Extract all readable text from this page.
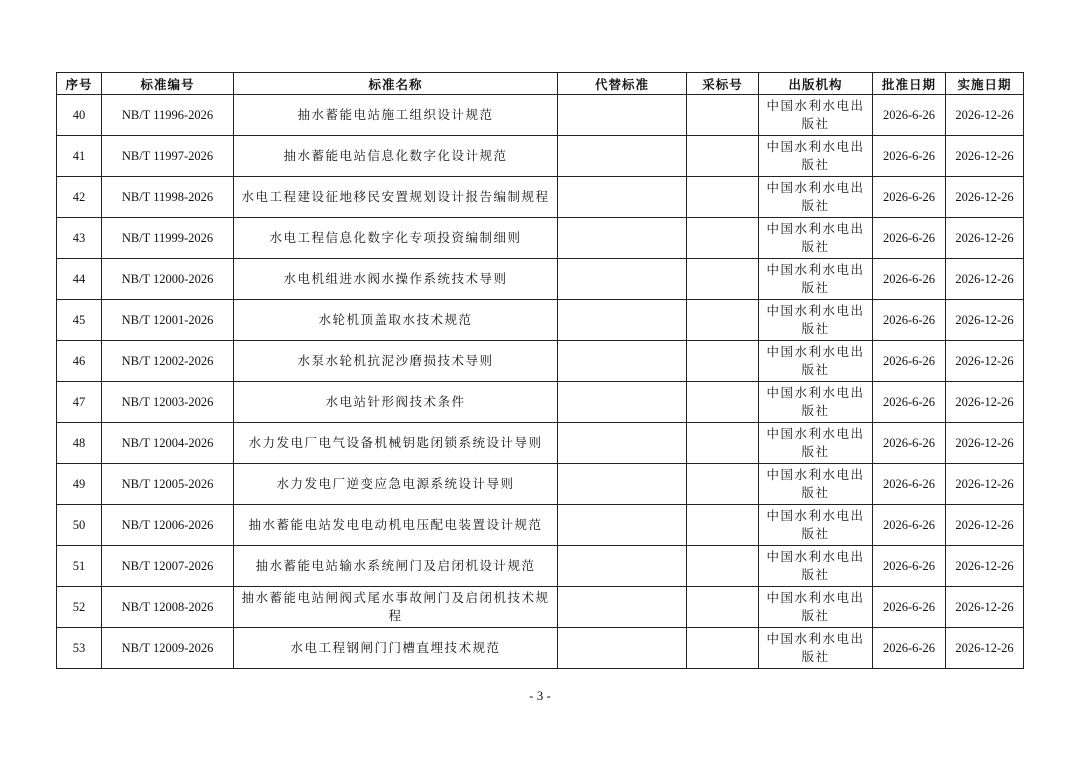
序号	标准编号	标准名称	代替标准	采标号	出版机构	批准日期	实施日期
40	NB/T 11996-2026	抽水蓄能电站施工组织设计规范			中国水利水电出版社	2026-6-26	2026-12-26
41	NB/T 11997-2026	抽水蓄能电站信息化数字化设计规范			中国水利水电出版社	2026-6-26	2026-12-26
42	NB/T 11998-2026	水电工程建设征地移民安置规划设计报告编制规程			中国水利水电出版社	2026-6-26	2026-12-26
43	NB/T 11999-2026	水电工程信息化数字化专项投资编制细则			中国水利水电出版社	2026-6-26	2026-12-26
44	NB/T 12000-2026	水电机组进水阀水操作系统技术导则			中国水利水电出版社	2026-6-26	2026-12-26
45	NB/T 12001-2026	水轮机顶盖取水技术规范			中国水利水电出版社	2026-6-26	2026-12-26
46	NB/T 12002-2026	水泵水轮机抗泥沙磨损技术导则			中国水利水电出版社	2026-6-26	2026-12-26
47	NB/T 12003-2026	水电站针形阀技术条件			中国水利水电出版社	2026-6-26	2026-12-26
48	NB/T 12004-2026	水力发电厂电气设备机械钥匙闭锁系统设计导则			中国水利水电出版社	2026-6-26	2026-12-26
49	NB/T 12005-2026	水力发电厂逆变应急电源系统设计导则			中国水利水电出版社	2026-6-26	2026-12-26
50	NB/T 12006-2026	抽水蓄能电站发电电动机电压配电装置设计规范			中国水利水电出版社	2026-6-26	2026-12-26
51	NB/T 12007-2026	抽水蓄能电站输水系统闸门及启闭机设计规范			中国水利水电出版社	2026-6-26	2026-12-26
52	NB/T 12008-2026	抽水蓄能电站闸阀式尾水事故闸门及启闭机技术规程			中国水利水电出版社	2026-6-26	2026-12-26
53	NB/T 12009-2026	水电工程钢闸门门槽直埋技术规范			中国水利水电出版社	2026-6-26	2026-12-26
- 3 -
